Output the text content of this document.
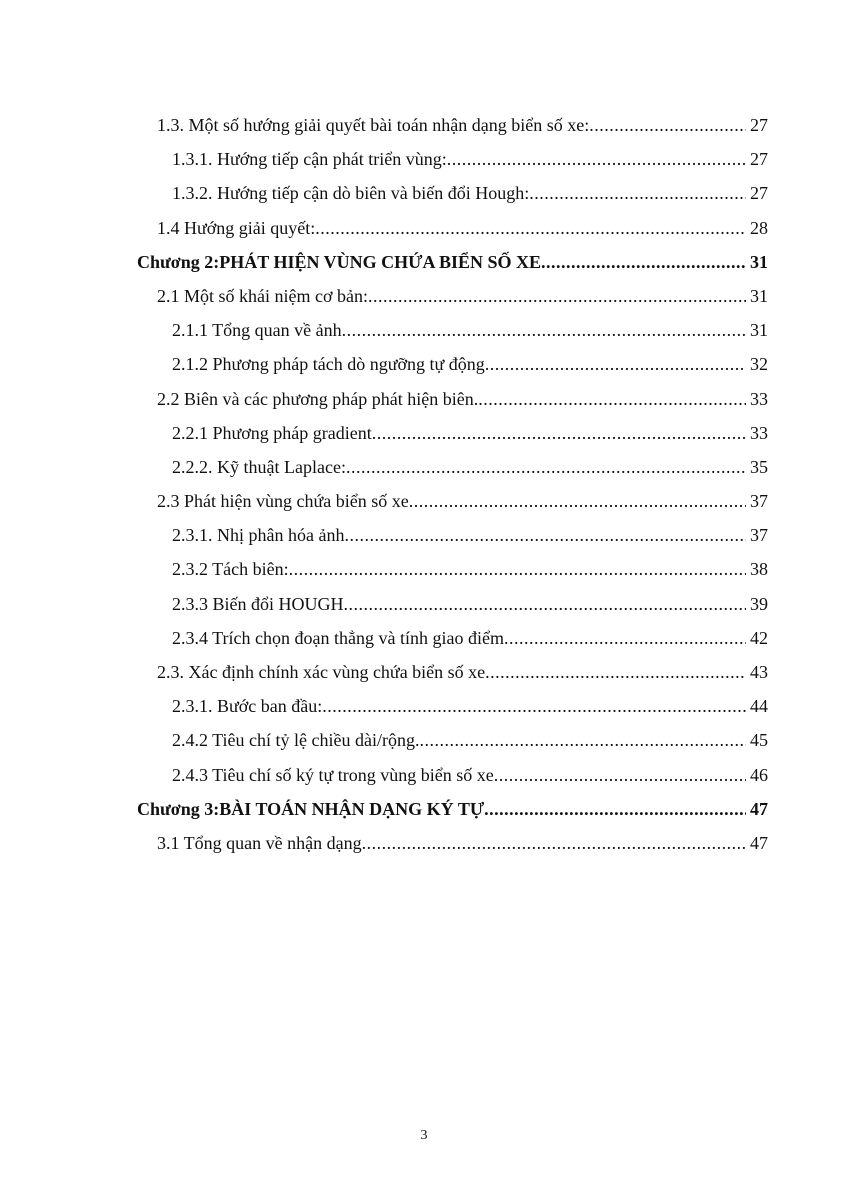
1.3. Một số hướng giải quyết bài toán nhận dạng biển số xe: .....	27
1.3.1. Hướng tiếp cận phát triển vùng: .....	27
1.3.2. Hướng tiếp cận dò biên và biến đổi Hough: .....	27
1.4 Hướng giải quyết: .....	28
Chương 2: PHÁT HIỆN VÙNG CHỨA BIỂN SỐ XE .....	31
2.1 Một số khái niệm cơ bản: .....	31
2.1.1 Tổng quan về ảnh .....	31
2.1.2 Phương pháp tách dò ngưỡng tự động .....	32
2.2 Biên và các phương pháp phát hiện biên. .....	33
2.2.1 Phương pháp gradient .....	33
2.2.2. Kỹ thuật Laplace: .....	35
2.3 Phát hiện vùng chứa biển số xe .....	37
2.3.1. Nhị phân hóa ảnh .....	37
2.3.2 Tách biên: .....	38
2.3.3 Biến đổi HOUGH .....	39
2.3.4 Trích chọn đoạn thẳng và tính giao điểm .....	42
2.3. Xác định chính xác vùng chứa biển số xe .....	43
2.3.1. Bước ban đầu: .....	44
2.4.2 Tiêu chí tỷ lệ chiều dài/rộng. .....	45
2.4.3 Tiêu chí số ký tự trong vùng biển số xe .....	46
Chương 3: BÀI TOÁN NHẬN DẠNG KÝ TỰ .....	47
3.1 Tổng quan về nhận dạng .....	47
3
